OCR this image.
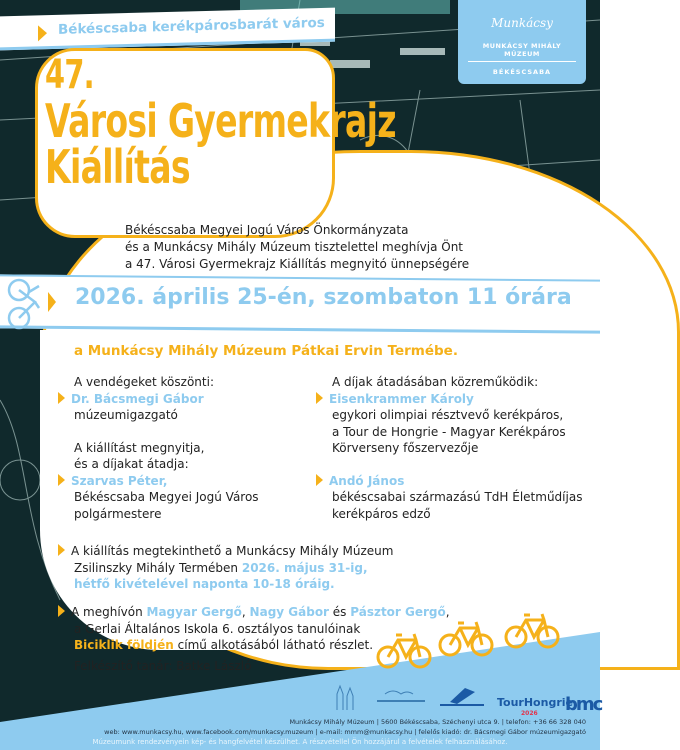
Békéscsaba kerékpárosbarát város	Munkácsy
MUNKÁCSY MIHÁLY MÚZEUM
BÉKÉSCSABA
47.
Városi Gyermekrajz
Kiállítás
Békéscsaba Megyei Jogú Város Önkormányzata
és a Munkácsy Mihály Múzeum tisztelettel meghívja Önt
a 47. Városi Gyermekrajz Kiállítás megnyitó ünnepségére
2026. április 25-én, szombaton 11 órára
a Munkácsy Mihály Múzeum Pátkai Ervin Termébe.
A vendégeket köszönti:
Dr. Bácsmegi Gábor
múzeumigazgató
A kiállítást megnyitja,
és a díjakat átadja:
Szarvas Péter,
Békéscsaba Megyei Jogú Város
polgármestere
A díjak átadásában közreműködik:
Eisenkrammer Károly
egykori olimpiai résztvevő kerékpáros,
a Tour de Hongrie - Magyar Kerékpáros
Körverseny főszervezője
Andó János
békéscsabai származású TdH Életműdíjas
kerékpáros edző
A kiállítás megtekinthető a Munkácsy Mihály Múzeum
Zsilinszky Mihály Termében 2026. május 31-ig,
hétfő kivételével naponta 10-18 óráig.
A meghívón Magyar Gergő, Nagy Gábor és Pásztor Gergő,
a Gerlai Általános Iskola 6. osztályos tanulóinak
Biciklik földjén című alkotásából látható részlet.
Felkészítő tanár: Batke László
TourHongrie
2026 bmc
Munkácsy Mihály Múzeum | 5600 Békéscsaba, Széchenyi utca 9. | telefon: +36 66 328 040
web: www.munkacsy.hu, www.facebook.com/munkacsy.muzeum | e-mail: mmm@munkacsy.hu | felelős kiadó: dr. Bácsmegi Gábor múzeumigazgató
Múzeumunk rendezvényein kép- és hangfelvétel készülhet. A részvétellel Ön hozzájárul a felvételek felhasználásához.
